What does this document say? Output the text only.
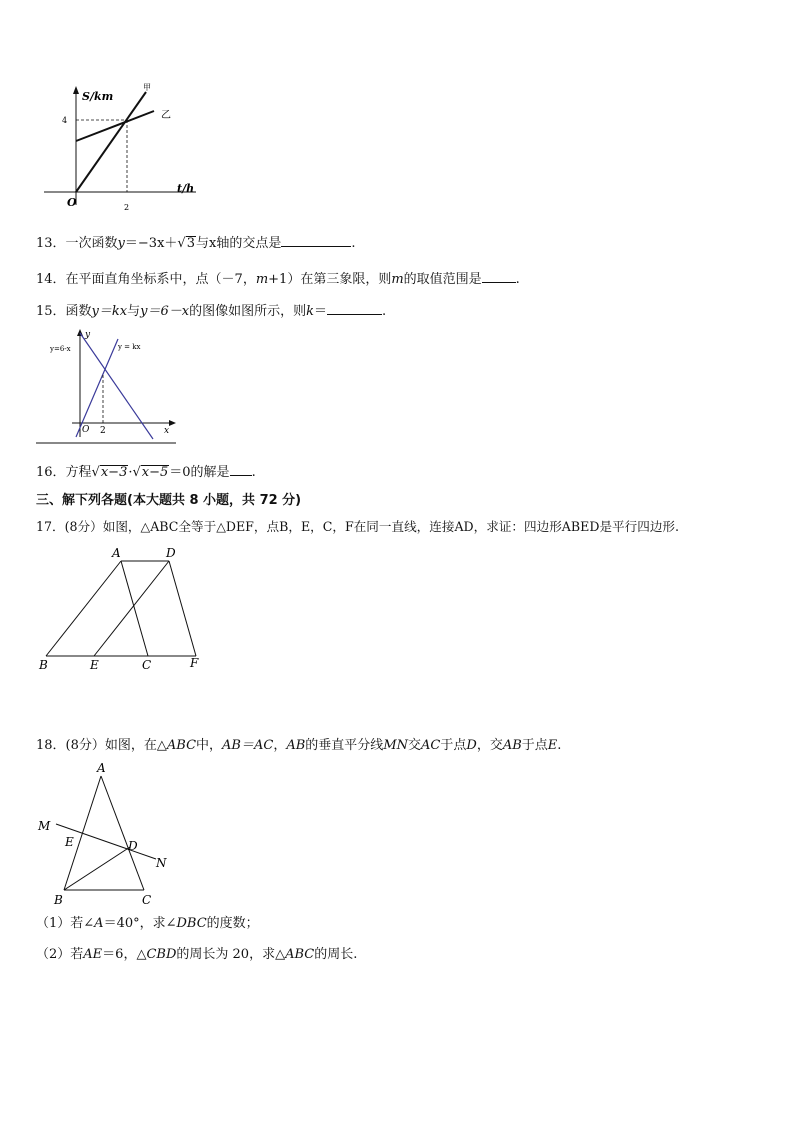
S/km
t/h
O
4
2
甲
乙
13．一次函数y＝−3x＋√3与x轴的交点是	.
14．在平面直角坐标系中，点（－7，m+1）在第三象限，则m的取值范围是	.
15．函数y＝kx与y＝6－x的图像如图所示，则k＝	.
y
x
O 2
y=6-x	y = kx
16．方程√x−3·√x−5＝0的解是 .
三、解下列各题(本大题共 8 小题，共 72 分)
17．(8分）如图，△ABC全等于△DEF，点B，E，C，F在同一直线，连接AD，求证：四边形ABED是平行四边形.
A	D
B	E	C	F
18．(8分）如图，在△ABC中，AB＝AC，AB的垂直平分线MN交AC于点D，交AB于点E.
A
M
E	D
N
B	C
（1）若∠A＝40°，求∠DBC的度数；
（2）若AE＝6，△CBD的周长为 20，求△ABC的周长.
